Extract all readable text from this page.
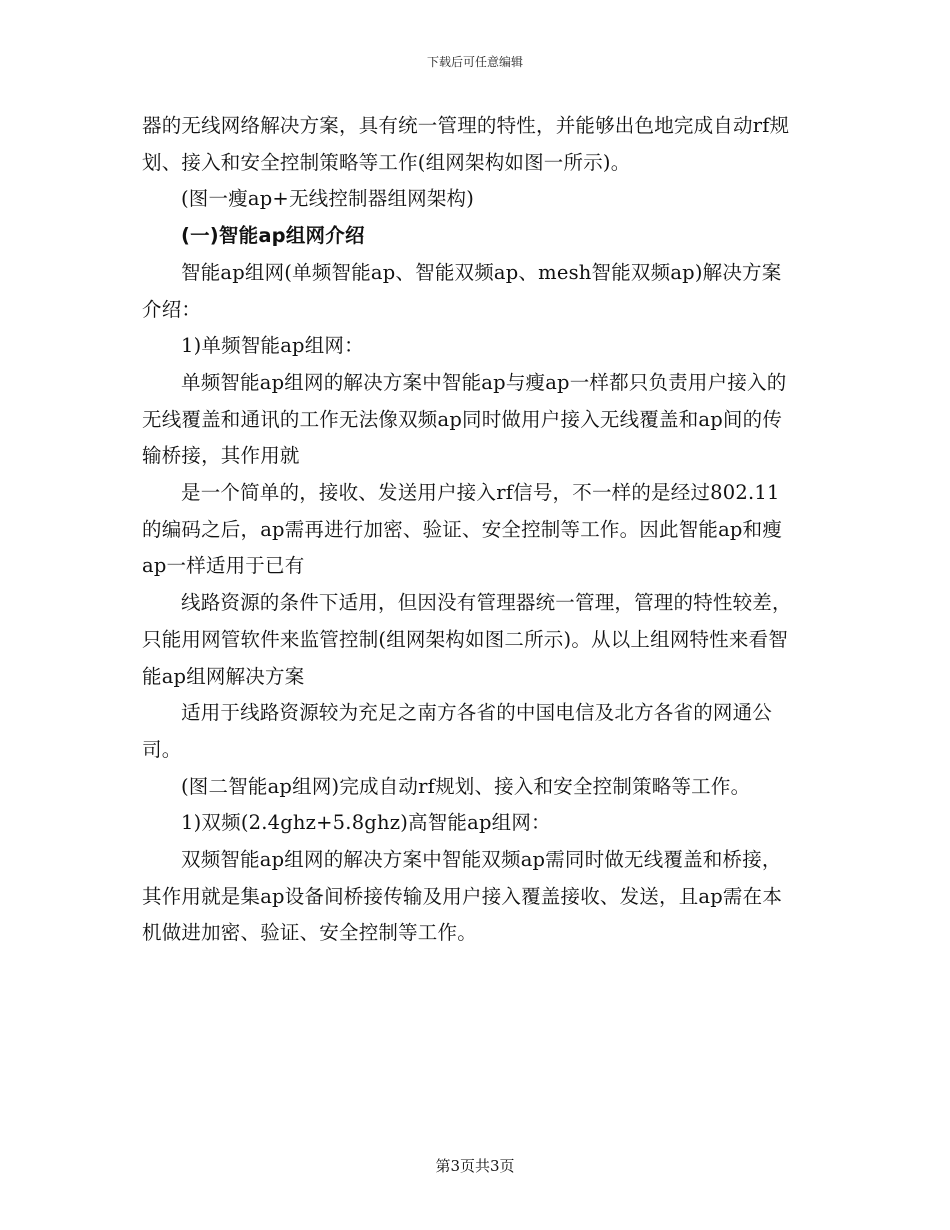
下载后可任意编辑

器的无线网络解决方案，具有统一管理的特性，并能够出色地完成自动rf规划、接入和安全控制策略等工作(组网架构如图一所示)。

(图一瘦ap+无线控制器组网架构)

(一)智能ap组网介绍

智能ap组网(单频智能ap、智能双频ap、mesh智能双频ap)解决方案介绍：

1)单频智能ap组网：

单频智能ap组网的解决方案中智能ap与瘦ap一样都只负责用户接入的无线覆盖和通讯的工作无法像双频ap同时做用户接入无线覆盖和ap间的传输桥接，其作用就

是一个简单的，接收、发送用户接入rf信号，不一样的是经过802.11的编码之后，ap需再进行加密、验证、安全控制等工作。因此智能ap和瘦ap一样适用于已有

线路资源的条件下适用，但因没有管理器统一管理，管理的特性较差，只能用网管软件来监管控制(组网架构如图二所示)。从以上组网特性来看智能ap组网解决方案

适用于线路资源较为充足之南方各省的中国电信及北方各省的网通公司。

(图二智能ap组网)完成自动rf规划、接入和安全控制策略等工作。

1)双频(2.4ghz+5.8ghz)高智能ap组网：

双频智能ap组网的解决方案中智能双频ap需同时做无线覆盖和桥接，其作用就是集ap设备间桥接传输及用户接入覆盖接收、发送，且ap需在本机做进加密、验证、安全控制等工作。

第3页共3页
